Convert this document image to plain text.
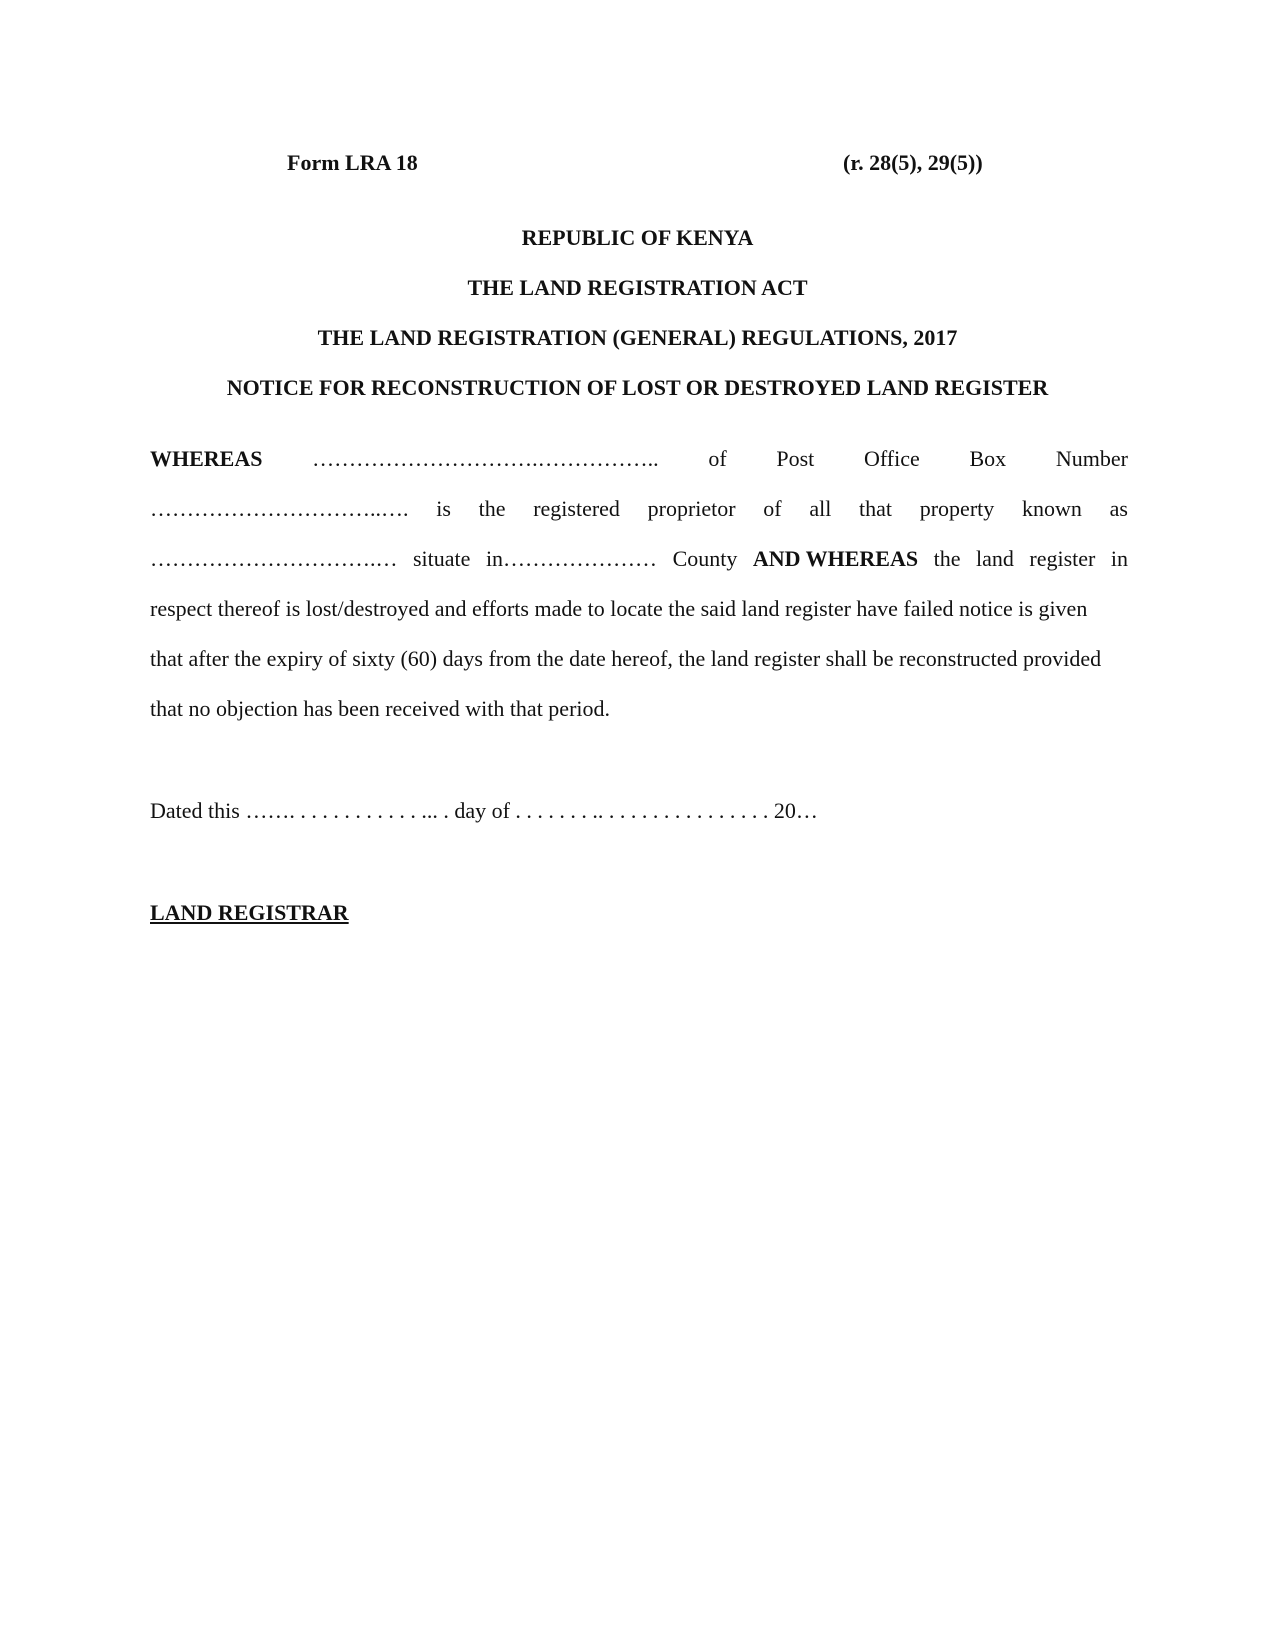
Form LRA 18	(r. 28(5), 29(5))
REPUBLIC OF KENYA
THE LAND REGISTRATION ACT
THE LAND REGISTRATION (GENERAL) REGULATIONS, 2017
NOTICE FOR RECONSTRUCTION OF LOST OR DESTROYED LAND REGISTER
WHEREAS ………………………….…………….. of Post Office Box Number
…………………………..…. is the registered proprietor of all that property known as
………………………….… situate in………………… County AND WHEREAS the land register in
respect thereof is lost/destroyed and efforts made to locate the said land register have failed notice is given
that after the expiry of sixty (60) days from the date hereof, the land register shall be reconstructed provided
that no objection has been received with that period.
Dated this ……. . . . . . . . . . . . ... . day of . . . . . . . .. . . . . . . . . . . . . . . . 20…
LAND REGISTRAR
